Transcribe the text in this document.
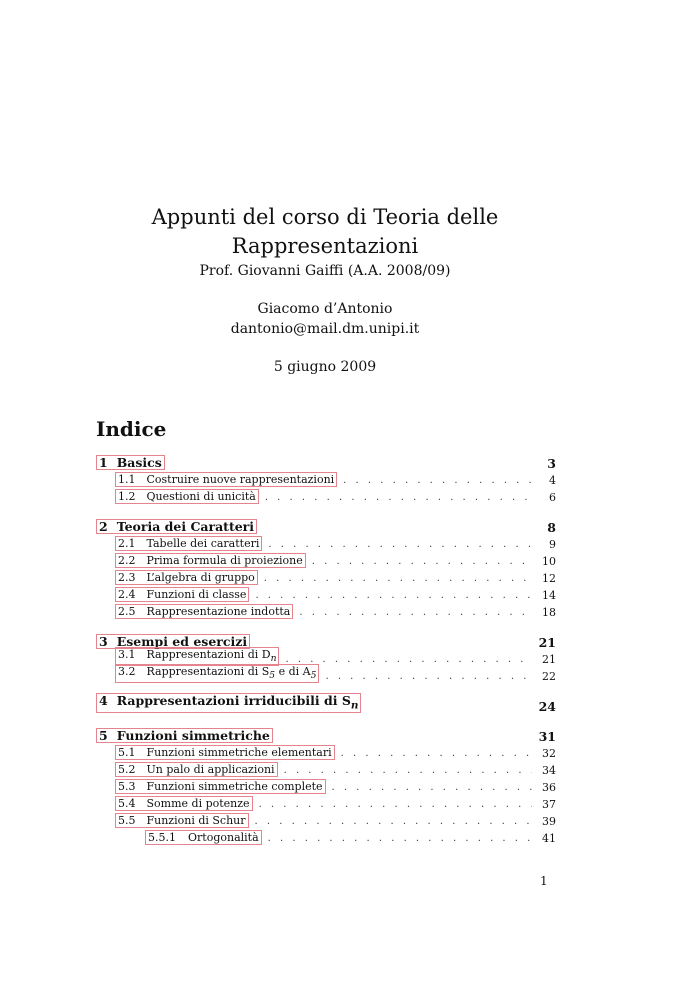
Appunti del corso di Teoria delle
Rappresentazioni
Prof. Giovanni Gaiffi (A.A. 2008/09)
Giacomo d’Antonio
dantonio@mail.dm.unipi.it
5 giugno 2009
Indice
1 Basics	3
1.1 Costruire nuove rappresentazioni . . .	4
1.2 Questioni di unicità . . .	6
2 Teoria dei Caratteri	8
2.1 Tabelle dei caratteri . . .	9
2.2 Prima formula di proiezione . . .	10
2.3 L’algebra di gruppo . . .	12
2.4 Funzioni di classe . . .	14
2.5 Rappresentazione indotta . . .	18
3 Esempi ed esercizi	21
3.1 Rappresentazioni di $D_n$ . . .	21
3.2 Rappresentazioni di $S_5$ e di $A_5$ . . .	22
4 Rappresentazioni irriducibili di $S_n$	24
5 Funzioni simmetriche	31
5.1 Funzioni simmetriche elementari . . .	32
5.2 Un palo di applicazioni . . .	34
5.3 Funzioni simmetriche complete . . .	36
5.4 Somme di potenze . . .	37
5.5 Funzioni di Schur . . .	39
5.5.1 Ortogonalità . . .	41
1
